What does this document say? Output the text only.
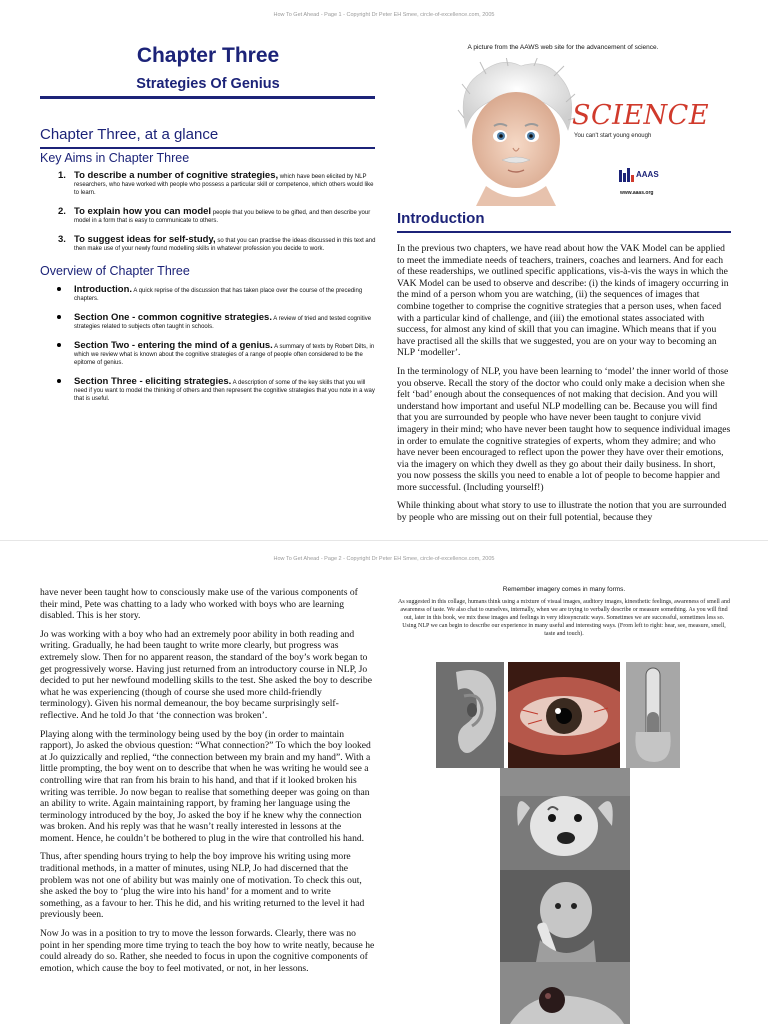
How To Get Ahead - Page 1 - Copyright Dr Peter EH Smee, circle-of-excellence.com, 2005
Chapter Three
Strategies Of Genius
Chapter Three, at a glance
Key Aims in Chapter Three
1. To describe a number of cognitive strategies, which have been elicited by NLP researchers, who have worked with people who possess a particular skill or competence, which others would like to learn.
2. To explain how you can model people that you believe to be gifted, and then describe your model in a form that is easy to communicate to others.
3. To suggest ideas for self-study, so that you can practise the ideas discussed in this text and then make use of your newly found modelling skills in whatever profession you decide to work.
Overview of Chapter Three
Introduction. A quick reprise of the discussion that has taken place over the course of the preceding chapters.
Section One - common cognitive strategies. A review of tried and tested cognitive strategies related to subjects often taught in schools.
Section Two - entering the mind of a genius. A summary of texts by Robert Dilts, in which we review what is known about the cognitive strategies of a range of people often considered to be the epitome of genius.
Section Three - eliciting strategies. A description of some of the key skills that you will need if you want to model the thinking of others and then represent the cognitive strategies that you note in a way that is useful.
A picture from the AAWS web site for the advancement of science.
SCIENCE
You can't start young enough
AAAS
www.aaas.org
Introduction

In the previous two chapters, we have read about how the VAK Model can be applied to meet the immediate needs of teachers, trainers, coaches and learners. And for each of these readerships, we outlined specific applications, vis-à-vis the ways in which the VAK Model can be used to observe and describe: (i) the kinds of imagery occurring in the mind of a person whom you are watching, (ii) the sequences of images that combine together to comprise the cognitive strategies that a person uses, when faced with a particular kind of challenge, and (iii) the emotional states associated with success, for almost any kind of skill that you can imagine. Which means that if you have practised all the skills that we suggested, you are on your way to becoming an NLP ‘modeller’.

In the terminology of NLP, you have been learning to ‘model’ the inner world of those you observe. Recall the story of the doctor who could only make a decision when she felt ‘bad’ enough about the consequences of not making that decision. And you will understand how important and useful NLP modelling can be. Because you will find that you are surrounded by people who have never been taught to conjure vivid imagery in their mind; who have never been taught how to sequence individual images in order to emulate the cognitive strategies of experts, whom they admire; and who have never been encouraged to reflect upon the power they have over their emotions, via the imagery on which they dwell as they go about their daily business. In short, you now possess the skills you need to enable a lot of people to become happier and more successful. (Including yourself!)

While thinking about what story to use to illustrate the notion that you are surrounded by people who are missing out on their full potential, because they

How To Get Ahead - Page 2 - Copyright Dr Peter EH Smee, circle-of-excellence.com, 2005

have never been taught how to consciously make use of the various components of their mind, Pete was chatting to a lady who worked with boys who are learning disabled. This is her story.

Jo was working with a boy who had an extremely poor ability in both reading and writing. Gradually, he had been taught to write more clearly, but progress was extremely slow. Then for no apparent reason, the standard of the boy’s work began to get progressively worse. Having just returned from an introductory course in NLP, Jo decided to put her newfound modelling skills to the test. She asked the boy to describe what he was experiencing (though of course she used more child-friendly terminology). Given his normal demeanour, the boy became surprisingly self-reflective. And he told Jo that ‘the connection was broken’.

Playing along with the terminology being used by the boy (in order to maintain rapport), Jo asked the obvious question: “What connection?” To which the boy looked at Jo quizzically and replied, “the connection between my brain and my hand”. With a little prompting, the boy went on to describe that when he was writing he would see a controlling wire that ran from his brain to his hand, and that if it looked broken his writing was terrible. Jo now began to realise that something deeper was going on than an ability to write. Again maintaining rapport, by framing her language using the terminology introduced by the boy, Jo asked the boy if he knew why the connection was broken. And his reply was that he wasn’t really interested in lessons at the moment. Hence, he couldn’t be bothered to plug in the wire that controlled his hand.

Thus, after spending hours trying to help the boy improve his writing using more traditional methods, in a matter of minutes, using NLP, Jo had discerned that the problem was not one of ability but was mainly one of motivation. To check this out, she asked the boy to ‘plug the wire into his hand’ for a moment and to write something, as a favour to her. This he did, and his writing returned to the level it had previously been.

Now Jo was in a position to try to move the lesson forwards. Clearly, there was no point in her spending more time trying to teach the boy how to write neatly, because he could already do so. Rather, she needed to focus in upon the cognitive components of emotion, which cause the boy to feel motivated, or not, in her lessons.

Remember imagery comes in many forms.
As suggested in this collage, humans think using a mixture of visual images, auditory images, kinesthetic feelings, awareness of smell and awareness of taste. We also chat to ourselves, internally, when we are trying to verbally describe or measure something. As you will find out, later in this book, we mix these images and feelings in very idiosyncratic ways. Sometimes we are successful, sometimes less so. Using NLP we can begin to describe our experience in many useful and interesting ways. (From left to right: hear, see, measure, smell, taste and touch).
